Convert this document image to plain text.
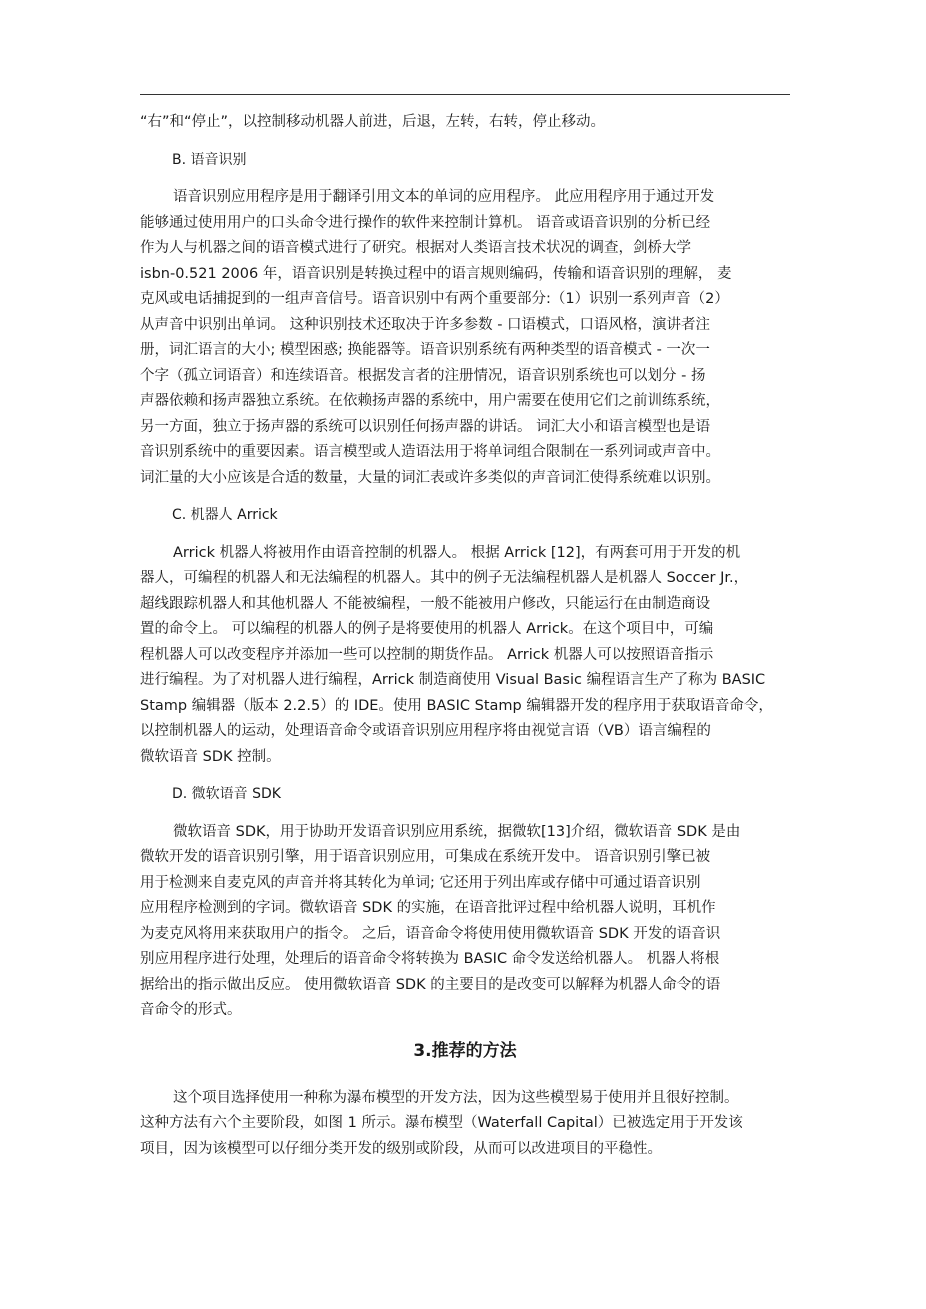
“右”和“停止”，以控制移动机器人前进，后退，左转，右转，停止移动。
B. 语音识别
语音识别应用程序是用于翻译引用文本的单词的应用程序。 此应用程序用于通过开发
能够通过使用用户的口头命令进行操作的软件来控制计算机。 语音或语音识别的分析已经
作为人与机器之间的语音模式进行了研究。根据对人类语言技术状况的调查，剑桥大学
isbn-0.521 2006 年，语音识别是转换过程中的语言规则编码，传输和语音识别的理解， 麦
克风或电话捕捉到的一组声音信号。语音识别中有两个重要部分:（1）识别一系列声音（2）
从声音中识别出单词。 这种识别技术还取决于许多参数 - 口语模式，口语风格，演讲者注
册，词汇语言的大小; 模型困惑; 换能器等。语音识别系统有两种类型的语音模式 - 一次一
个字（孤立词语音）和连续语音。根据发言者的注册情况，语音识别系统也可以划分 - 扬
声器依赖和扬声器独立系统。在依赖扬声器的系统中，用户需要在使用它们之前训练系统，
另一方面，独立于扬声器的系统可以识别任何扬声器的讲话。 词汇大小和语言模型也是语
音识别系统中的重要因素。语言模型或人造语法用于将单词组合限制在一系列词或声音中。
词汇量的大小应该是合适的数量，大量的词汇表或许多类似的声音词汇使得系统难以识别。
C. 机器人 Arrick
Arrick 机器人将被用作由语音控制的机器人。 根据 Arrick [12]，有两套可用于开发的机
器人，可编程的机器人和无法编程的机器人。其中的例子无法编程机器人是机器人 Soccer Jr.，
超线跟踪机器人和其他机器人 不能被编程，一般不能被用户修改，只能运行在由制造商设
置的命令上。 可以编程的机器人的例子是将要使用的机器人 Arrick。在这个项目中，可编
程机器人可以改变程序并添加一些可以控制的期货作品。 Arrick 机器人可以按照语音指示
进行编程。为了对机器人进行编程，Arrick 制造商使用 Visual Basic 编程语言生产了称为 BASIC
Stamp 编辑器（版本 2.2.5）的 IDE。使用 BASIC Stamp 编辑器开发的程序用于获取语音命令，
以控制机器人的运动，处理语音命令或语音识别应用程序将由视觉言语（VB）语言编程的
微软语音 SDK 控制。
D. 微软语音 SDK
微软语音 SDK，用于协助开发语音识别应用系统，据微软[13]介绍，微软语音 SDK 是由
微软开发的语音识别引擎，用于语音识别应用，可集成在系统开发中。 语音识别引擎已被
用于检测来自麦克风的声音并将其转化为单词; 它还用于列出库或存储中可通过语音识别
应用程序检测到的字词。微软语音 SDK 的实施，在语音批评过程中给机器人说明，耳机作
为麦克风将用来获取用户的指令。 之后，语音命令将使用使用微软语音 SDK 开发的语音识
别应用程序进行处理，处理后的语音命令将转换为 BASIC 命令发送给机器人。 机器人将根
据给出的指示做出反应。 使用微软语音 SDK 的主要目的是改变可以解释为机器人命令的语
音命令的形式。
3.推荐的方法
这个项目选择使用一种称为瀑布模型的开发方法，因为这些模型易于使用并且很好控制。
这种方法有六个主要阶段，如图 1 所示。瀑布模型（Waterfall Capital）已被选定用于开发该
项目，因为该模型可以仔细分类开发的级别或阶段，从而可以改进项目的平稳性。
